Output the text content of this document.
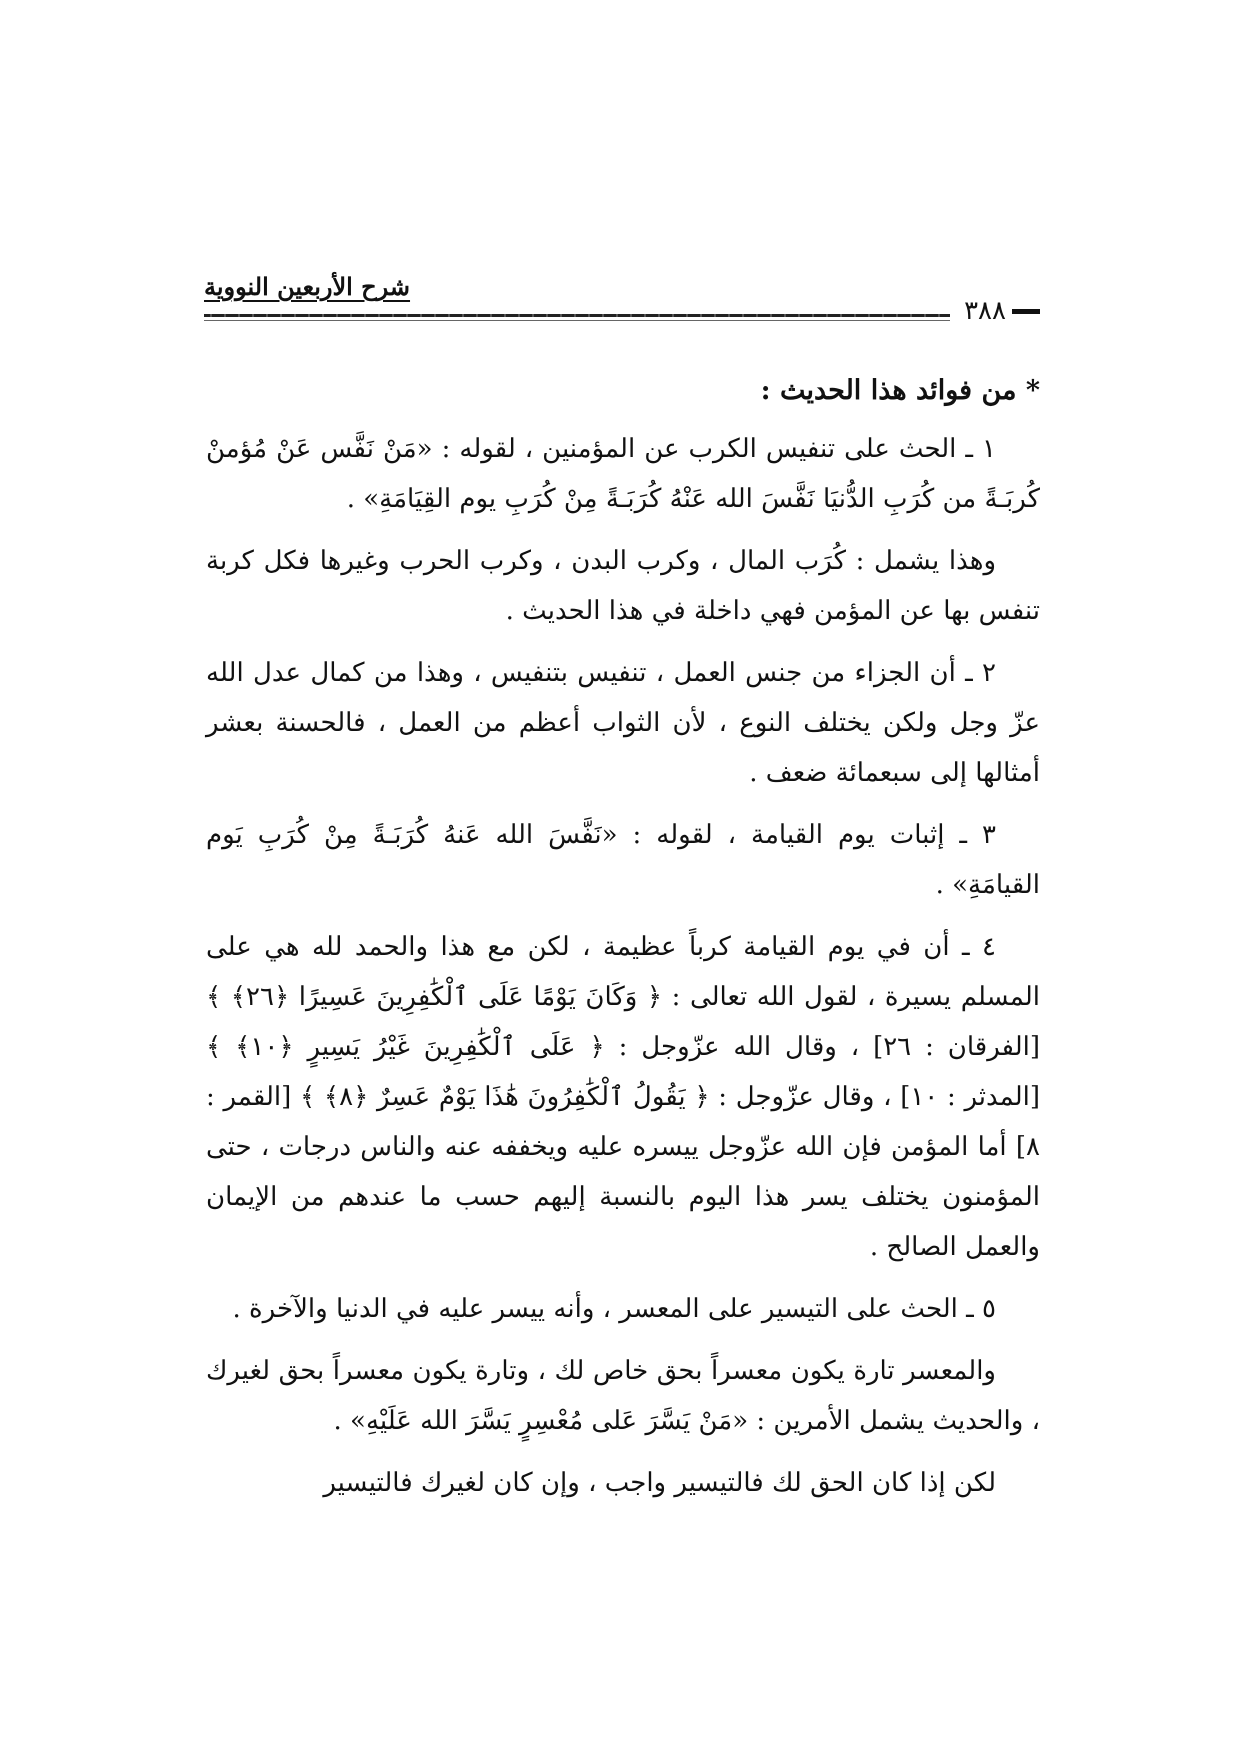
شرح الأربعين النووية
٣٨٨

* من فوائد هذا الحديث :

١ ـ الحث على تنفيس الكرب عن المؤمنين ، لقوله : «مَنْ نَفَّس عَنْ مُؤمنْ كُربَـةً من كُرَبِ الدُّنيَا نَفَّسَ الله عَنْهُ كُرَبَـةً مِنْ كُرَبِ يوم القِيَامَةِ» .

وهذا يشمل : كُرَب المال ، وكرب البدن ، وكرب الحرب وغيرها فكل كربة تنفس بها عن المؤمن فهي داخلة في هذا الحديث .

٢ ـ أن الجزاء من جنس العمل ، تنفيس بتنفيس ، وهذا من كمال عدل الله عزّ وجل ولكن يختلف النوع ، لأن الثواب أعظم من العمل ، فالحسنة بعشر أمثالها إلى سبعمائة ضعف .

٣ ـ إثبات يوم القيامة ، لقوله : «نَفَّسَ الله عَنهُ كُرَبَـةً مِنْ كُرَبِ يَوم القيامَةِ» .

٤ ـ أن في يوم القيامة كرباً عظيمة ، لكن مع هذا والحمد لله هي على المسلم يسيرة ، لقول الله تعالى : ﴿ وَكَانَ يَوْمًا عَلَى ٱلْكَٰفِرِينَ عَسِيرًا ﴿٢٦﴾ ﴾ [الفرقان : ٢٦] ، وقال الله عزّوجل : ﴿ عَلَى ٱلْكَٰفِرِينَ غَيْرُ يَسِيرٍ ﴿١٠﴾ ﴾ [المدثر : ١٠] ، وقال عزّوجل : ﴿ يَقُولُ ٱلْكَٰفِرُونَ هَٰذَا يَوْمٌ عَسِرٌ ﴿٨﴾ ﴾ [القمر : ٨] أما المؤمن فإن الله عزّوجل ييسره عليه ويخففه عنه والناس درجات ، حتى المؤمنون يختلف يسر هذا اليوم بالنسبة إليهم حسب ما عندهم من الإيمان والعمل الصالح .

٥ ـ الحث على التيسير على المعسر ، وأنه ييسر عليه في الدنيا والآخرة .

والمعسر تارة يكون معسراً بحق خاص لك ، وتارة يكون معسراً بحق لغيرك ، والحديث يشمل الأمرين : «مَنْ يَسَّرَ عَلى مُعْسِرٍ يَسَّرَ الله عَلَيْهِ» .

لكن إذا كان الحق لك فالتيسير واجب ، وإن كان لغيرك فالتيسير
